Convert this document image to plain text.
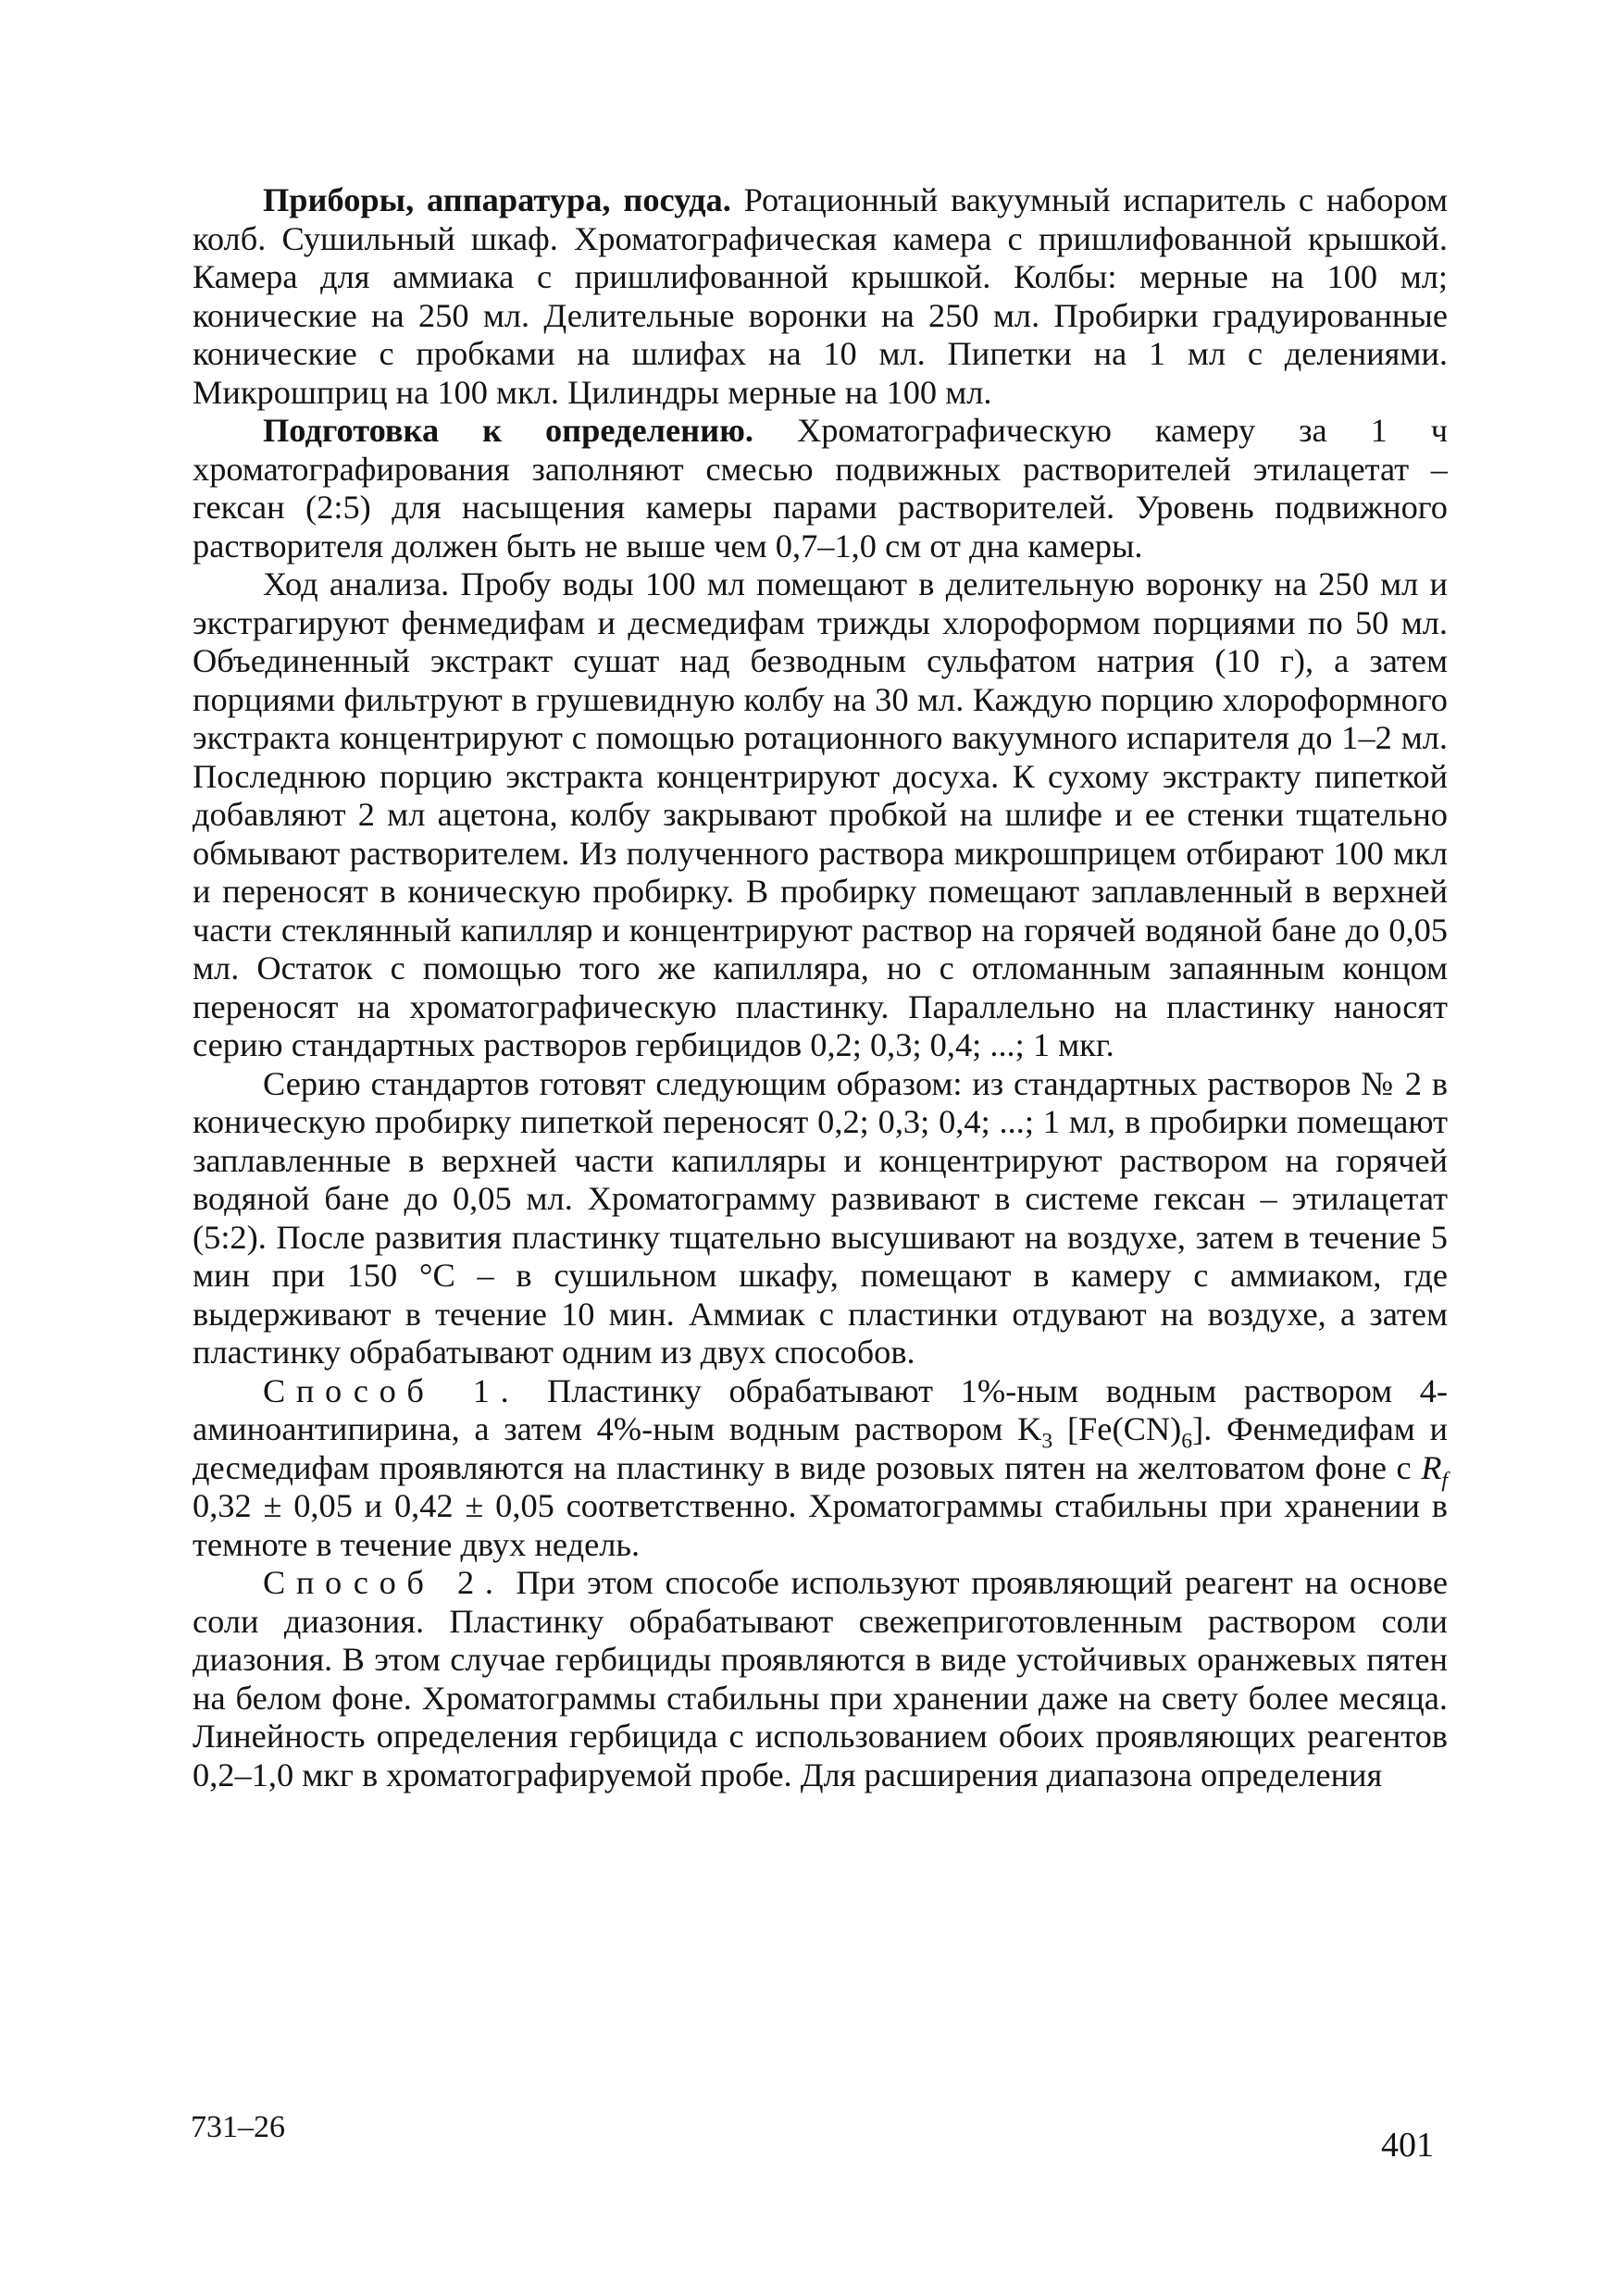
Приборы, аппаратура, посуда. Ротационный вакуумный испаритель с набором колб. Сушильный шкаф. Хроматографическая камера с пришлифованной крышкой. Камера для аммиака с пришлифованной крышкой. Колбы: мерные на 100 мл; конические на 250 мл. Делительные воронки на 250 мл. Пробирки градуированные конические с пробками на шлифах на 10 мл. Пипетки на 1 мл с делениями. Микрошприц на 100 мкл. Цилиндры мерные на 100 мл.

Подготовка к определению. Хроматографическую камеру за 1 ч хроматографирования заполняют смесью подвижных растворителей этилацетат – гексан (2:5) для насыщения камеры парами растворителей. Уровень подвижного растворителя должен быть не выше чем 0,7–1,0 см от дна камеры.

Ход анализа. Пробу воды 100 мл помещают в делительную воронку на 250 мл и экстрагируют фенмедифам и десмедифам трижды хлороформом порциями по 50 мл. Объединенный экстракт сушат над безводным сульфатом натрия (10 г), а затем порциями фильтруют в грушевидную колбу на 30 мл. Каждую порцию хлороформного экстракта концентрируют с помощью ротационного вакуумного испарителя до 1–2 мл. Последнюю порцию экстракта концентрируют досуха. К сухому экстракту пипеткой добавляют 2 мл ацетона, колбу закрывают пробкой на шлифе и ее стенки тщательно обмывают растворителем. Из полученного раствора микрошприцем отбирают 100 мкл и переносят в коническую пробирку. В пробирку помещают заплавленный в верхней части стеклянный капилляр и концентрируют раствор на горячей водяной бане до 0,05 мл. Остаток с помощью того же капилляра, но с отломанным запаянным концом переносят на хроматографическую пластинку. Параллельно на пластинку наносят серию стандартных растворов гербицидов 0,2; 0,3; 0,4; ...; 1 мкг.

Серию стандартов готовят следующим образом: из стандартных растворов № 2 в коническую пробирку пипеткой переносят 0,2; 0,3; 0,4; ...; 1 мл, в пробирки помещают заплавленные в верхней части капилляры и концентрируют раствором на горячей водяной бане до 0,05 мл. Хроматограмму развивают в системе гексан – этилацетат (5:2). После развития пластинку тщательно высушивают на воздухе, затем в течение 5 мин при 150 °С – в сушильном шкафу, помещают в камеру с аммиаком, где выдерживают в течение 10 мин. Аммиак с пластинки отдувают на воздухе, а затем пластинку обрабатывают одним из двух способов.

Способ 1. Пластинку обрабатывают 1%-ным водным раствором 4-аминоантипирина, а затем 4%-ным водным раствором $K_3$ $[Fe(CN)_6]$. Фенмедифам и десмедифам проявляются на пластинку в виде розовых пятен на желтоватом фоне с $R_f$ 0,32 ± 0,05 и 0,42 ± 0,05 соответственно. Хроматограммы стабильны при хранении в темноте в течение двух недель.

Способ 2. При этом способе используют проявляющий реагент на основе соли диазония. Пластинку обрабатывают свежеприготовленным раствором соли диазония. В этом случае гербициды проявляются в виде устойчивых оранжевых пятен на белом фоне. Хроматограммы стабильны при хранении даже на свету более месяца. Линейность определения гербицида с использованием обоих проявляющих реагентов 0,2–1,0 мкг в хроматографируемой пробе. Для расширения диапазона определения

731–26	401
